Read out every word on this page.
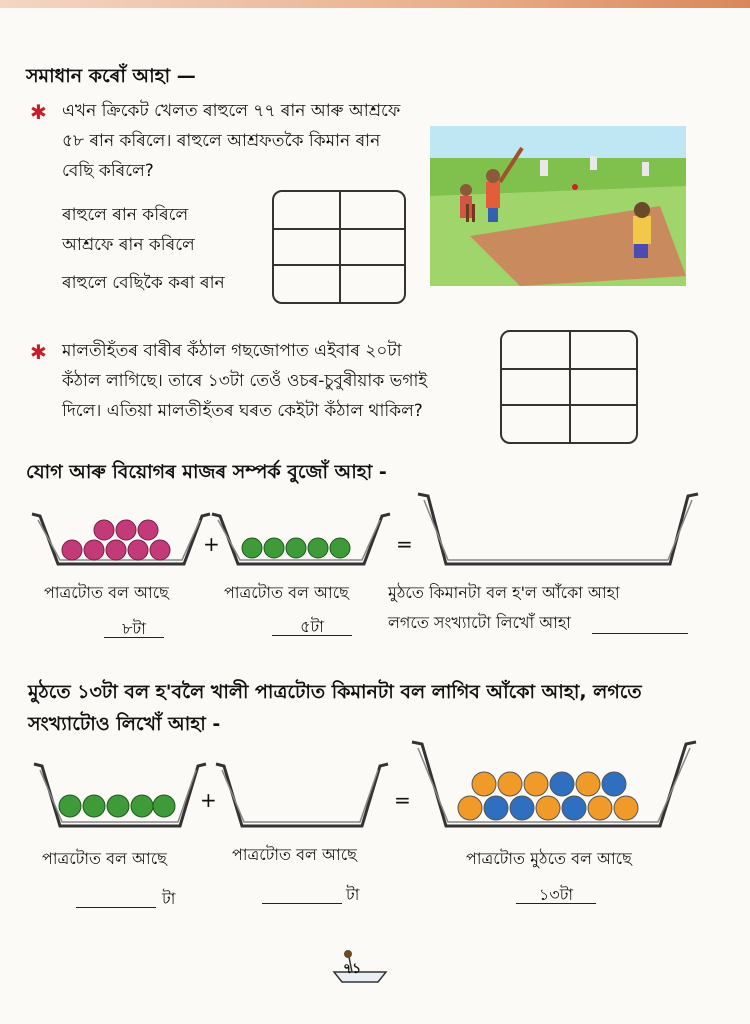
সমাধান কৰোঁ আহা —
✱ এখন ক্রিকেট খেলত ৰাহুলে ৭৭ ৰান আৰু আশ্ৰফে
৫৮ ৰান কৰিলে। ৰাহুলে আশ্ৰফতকৈ কিমান ৰান
বেছি কৰিলে?
ৰাহুলে ৰান কৰিলে
আশ্ৰফে ৰান কৰিলে
ৰাহুলে বেছিকৈ কৰা ৰান
✱ মালতীহঁতৰ বাৰীৰ কঁঠাল গছজোপাত এইবাৰ ২০টা
কঁঠাল লাগিছে। তাৰে ১৩টা তেওঁ ওচৰ-চুবুৰীয়াক ভগাই
দিলে। এতিয়া মালতীহঁতৰ ঘৰত কেইটা কঁঠাল থাকিল?
যোগ আৰু বিয়োগৰ মাজৰ সম্পৰ্ক বুজোঁ আহা -
+	=
পাত্ৰটোত বল আছে	পাত্ৰটোত বল আছে মুঠতে কিমানটা বল হ'ল আঁকো আহা
লগতে সংখ্যাটো লিখোঁ আহা
৮টা	৫টা
মুঠতে ১৩টা বল হ'বলৈ খালী পাত্ৰটোত কিমানটা বল লাগিব আঁকো আহা, লগতে
সংখ্যাটোও লিখোঁ আহা -
+	=
পাত্ৰটোত বল আছে	পাত্ৰটোত বল আছে	পাত্ৰটোত মুঠতে বল আছে
টা	টা	১৩টা
৭১
